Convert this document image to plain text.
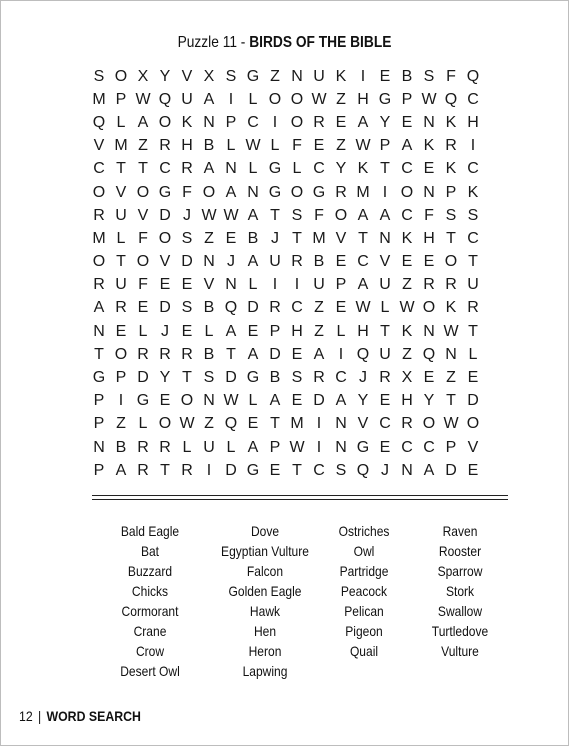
Puzzle 11 - BIRDS OF THE BIBLE
S O X Y V X S G Z N U K I E B S F Q
M P W Q U A I L O O W Z H G P W Q C
Q L A O K N P C I O R E A Y E N K H
V M Z R H B L W L F E Z W P A K R I
C T T C R A N L G L C Y K T C E K C
O V O G F O A N G O G R M I O N P K
R U V D J W W A T S F O A A C F S S
M L F O S Z E B J T M V T N K H T C
O T O V D N J A U R B E C V E E O T
R U F E E V N L I	I U P A U Z R R U
A R E D S B Q D R C Z E W L W O K R
N E L J E L A E P H Z L H T K N W T
T O R R R B T A D E A I Q U Z Q N L
G P D Y T S D G B S R C J R X E Z E
P I G E O N W L A E D A Y E H Y T D
P Z L O W Z Q E T M I N V C R O W O
N B R R L U L A P W I N G E C C P V
P A R T R I D G E T C S Q J N A D E
Bald Eagle
Bat
Buzzard
Chicks
Cormorant
Crane
Crow
Desert Owl
Dove
Egyptian Vulture
Falcon
Golden Eagle
Hawk
Hen
Heron
Lapwing
Ostriches
Owl
Partridge
Peacock
Pelican
Pigeon
Quail
Raven
Rooster
Sparrow
Stork
Swallow
Turtledove
Vulture
12 | WORD SEARCH
